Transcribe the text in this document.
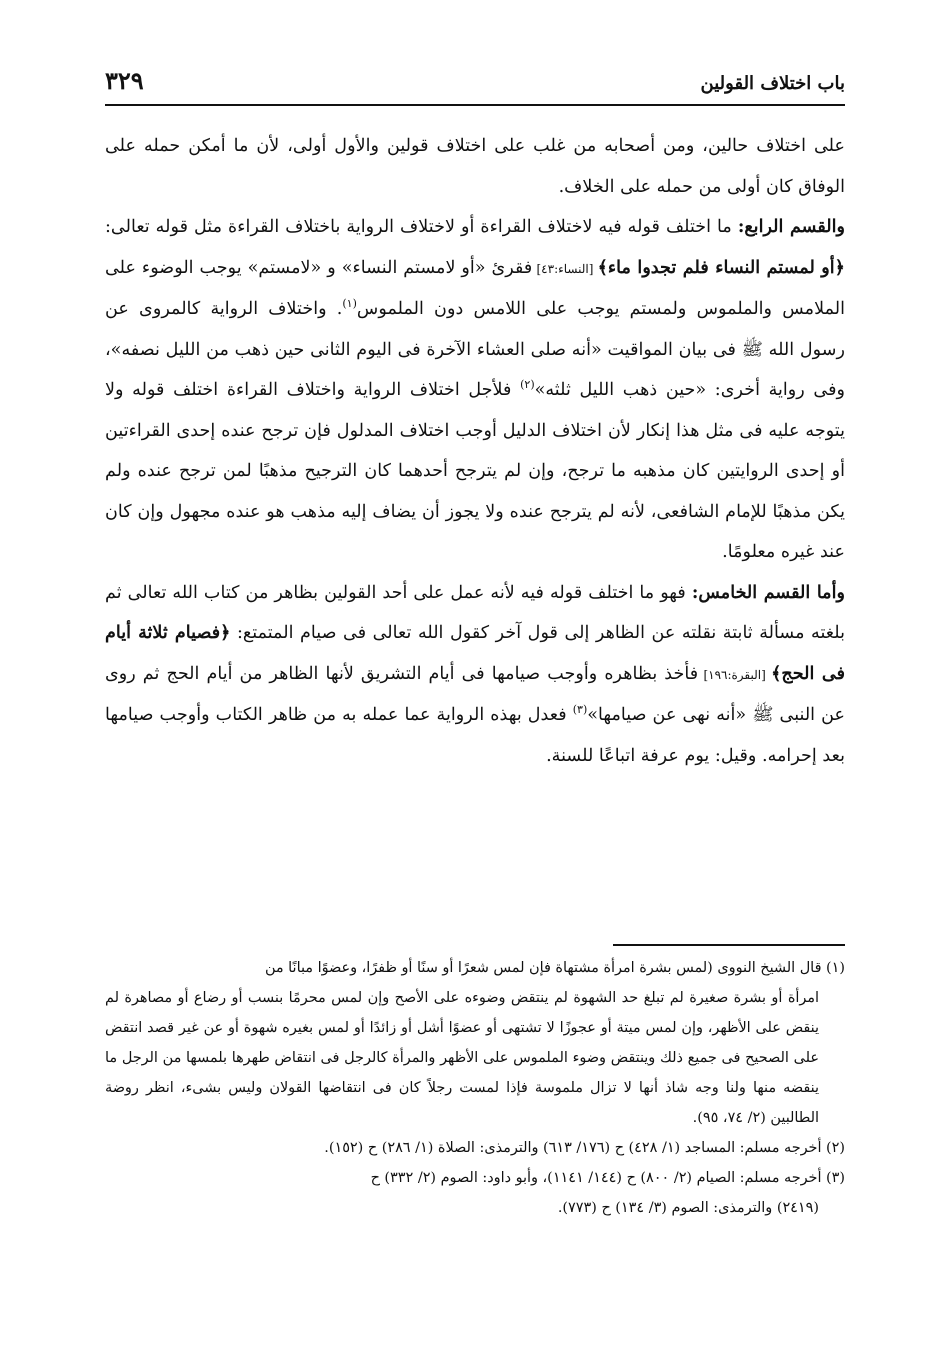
باب اختلاف القولين
٣٢٩

على اختلاف حالين، ومن أصحابه من غلب على اختلاف قولين والأول أولى، لأن ما أمكن حمله على الوفاق كان أولى من حمله على الخلاف.

والقسم الرابع: ما اختلف قوله فيه لاختلاف القراءة أو لاختلاف الرواية باختلاف القراءة مثل قوله تعالى: ﴿أو لمستم النساء فلم تجدوا ماء﴾ [النساء:٤٣] فقرئ «أو لامستم النساء» و «لامستم» يوجب الوضوء على الملامس والملموس ولمستم يوجب على اللامس دون الملموس$^{(١)}$. واختلاف الرواية كالمروى عن رسول الله ﷺ فى بيان المواقيت «أنه صلى العشاء الآخرة فى اليوم الثانى حين ذهب من الليل نصفه»، وفى رواية أخرى: «حين ذهب الليل ثلثه»$^{(٢)}$ فلأجل اختلاف الرواية واختلاف القراءة اختلف قوله ولا يتوجه عليه فى مثل هذا إنكار لأن اختلاف الدليل أوجب اختلاف المدلول فإن ترجح عنده إحدى القراءتين أو إحدى الروايتين كان مذهبه ما ترجح، وإن لم يترجح أحدهما كان الترجيح مذهبًا لمن ترجح عنده ولم يكن مذهبًا للإمام الشافعى، لأنه لم يترجح عنده ولا يجوز أن يضاف إليه مذهب هو عنده مجهول وإن كان عند غيره معلومًا.

وأما القسم الخامس: فهو ما اختلف قوله فيه لأنه عمل على أحد القولين بظاهر من كتاب الله تعالى ثم بلغته مسألة ثابتة نقلته عن الظاهر إلى قول آخر كقول الله تعالى فى صيام المتمتع: ﴿فصيام ثلاثة أيام فى الحج﴾ [البقرة:١٩٦] فأخذ بظاهره وأوجب صيامها فى أيام التشريق لأنها الظاهر من أيام الحج ثم روى عن النبى ﷺ «أنه نهى عن صيامها»$^{(٣)}$ فعدل بهذه الرواية عما عمله به من ظاهر الكتاب وأوجب صيامها بعد إحرامه. وقيل: يوم عرفة اتباعًا للسنة.

(١) قال الشيخ النووى (لمس بشرة امرأة مشتهاة فإن لمس شعرًا أو سنًا أو ظفرًا، وعضوًا مبانًا من

امرأة أو بشرة صغيرة لم تبلغ حد الشهوة لم ينتقض وضوءه على الأصح وإن لمس محرمًا بنسب أو رضاع أو مصاهرة لم ينقض على الأظهر، وإن لمس ميتة أو عجوزًا لا تشتهى أو عضوًا أشل أو زائدًا أو لمس بغيره شهوة أو عن غير قصد انتقض على الصحيح فى جميع ذلك وينتقض وضوء الملموس على الأظهر والمرأة كالرجل فى انتقاض طهرها بلمسها من الرجل ما ينقضه منها ولنا وجه شاذ أنها لا تزال ملموسة فإذا لمست رجلاً كان فى انتقاضها القولان وليس بشىء، انظر روضة الطالبين (٢/ ٧٤، ٩٥).

(٢) أخرجه مسلم: المساجد (١/ ٤٢٨) ح (١٧٦/ ٦١٣) والترمذى: الصلاة (١/ ٢٨٦) ح (١٥٢).

(٣) أخرجه مسلم: الصيام (٢/ ٨٠٠) ح (١٤٤/ ١١٤١)، وأبو داود: الصوم (٢/ ٣٣٢) ح

(٢٤١٩) والترمذى: الصوم (٣/ ١٣٤) ح (٧٧٣).
